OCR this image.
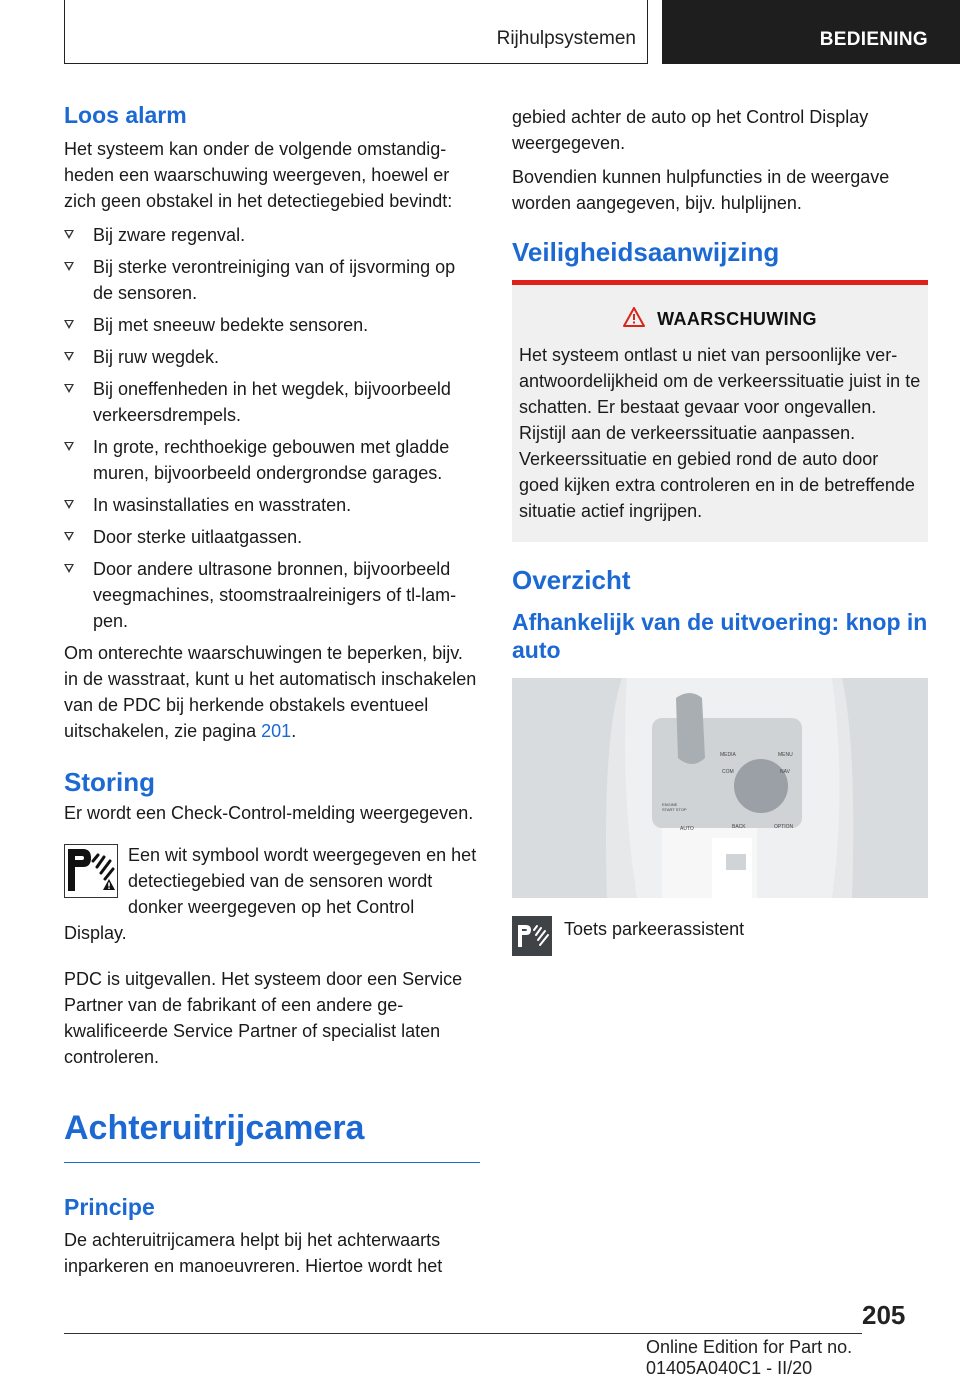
Rijhulpsystemen	BEDIENING
Loos alarm

Het systeem kan onder de volgende omstandigheden een waarschuwing weergeven, hoewel er zich geen obstakel in het detectiegebied bevindt:

Bij zware regenval.
Bij sterke verontreiniging van of ijsvorming op de sensoren.
Bij met sneeuw bedekte sensoren.
Bij ruw wegdek.
Bij oneffenheden in het wegdek, bijvoorbeeld verkeersdrempels.
In grote, rechthoekige gebouwen met gladde muren, bijvoorbeeld ondergrondse garages.
In wasinstallaties en wasstraten.
Door sterke uitlaatgassen.
Door andere ultrasone bronnen, bijvoorbeeld veegmachines, stoomstraalreinigers of tl-lampen.

Om onterechte waarschuwingen te beperken, bijv. in de wasstraat, kunt u het automatisch inschakelen van de PDC bij herkende obstakels eventueel uitschakelen, zie pagina 201.

Storing

Er wordt een Check-Control-melding weergegeven.

Een wit symbool wordt weergegeven en het detectiegebied van de sensoren wordt donker weergegeven op het Control Display.

PDC is uitgevallen. Het systeem door een Service Partner van de fabrikant of een andere gekwalificeerde Service Partner of specialist laten controleren.

Achteruitrijcamera
Principe

De achteruitrijcamera helpt bij het achterwaarts inparkeren en manoeuvreren. Hiertoe wordt het

gebied achter de auto op het Control Display weergegeven.

Bovendien kunnen hulpfuncties in de weergave worden aangegeven, bijv. hulplijnen.

Veiligheidsaanwijzing
WAARSCHUWING

Het systeem ontlast u niet van persoonlijke verantwoordelijkheid om de verkeerssituatie juist in te schatten. Er bestaat gevaar voor ongevallen. Rijstijl aan de verkeerssituatie aanpassen. Verkeerssituatie en gebied rond de auto door goed kijken extra controleren en in de betreffende situatie actief ingrijpen.

Overzicht
Afhankelijk van de uitvoering: knop in auto
MEDIA
COM	NAV
MENU
BACK	OPTION
ENGINE START STOP
AUTO

Toets parkeerassistent

205
Online Edition for Part no. 01405A040C1 - II/20
